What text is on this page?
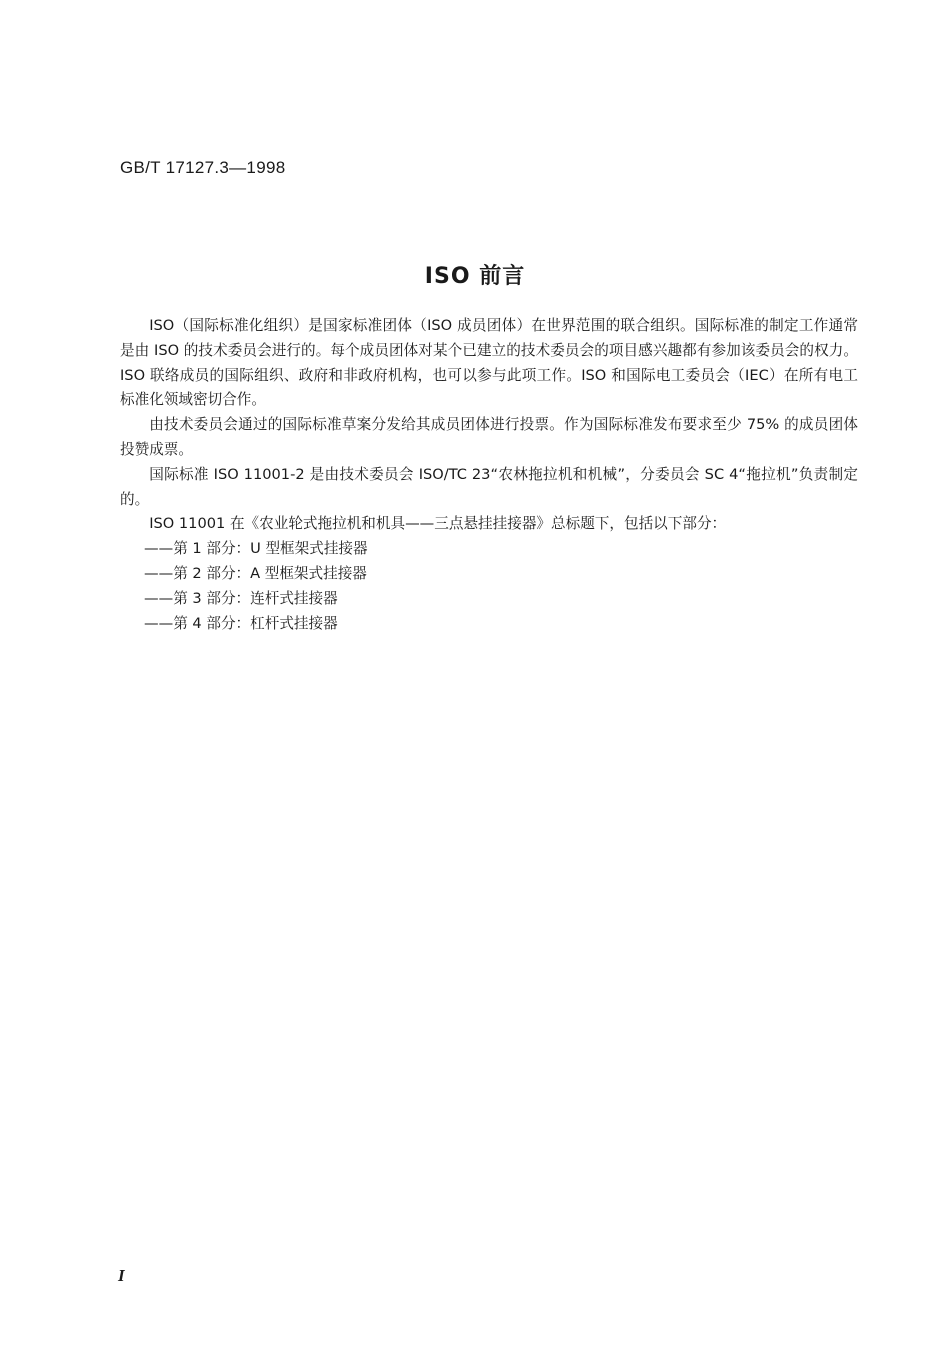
GB/T 17127.3—1998
ISO 前言

ISO（国际标准化组织）是国家标准团体（ISO 成员团体）在世界范围的联合组织。国际标准的制定工作通常是由 ISO 的技术委员会进行的。每个成员团体对某个已建立的技术委员会的项目感兴趣都有参加该委员会的权力。ISO 联络成员的国际组织、政府和非政府机构，也可以参与此项工作。ISO 和国际电工委员会（IEC）在所有电工标准化领域密切合作。

由技术委员会通过的国际标准草案分发给其成员团体进行投票。作为国际标准发布要求至少 75% 的成员团体投赞成票。

国际标准 ISO 11001-2 是由技术委员会 ISO/TC 23“农林拖拉机和机械”，分委员会 SC 4“拖拉机”负责制定的。

ISO 11001 在《农业轮式拖拉机和机具——三点悬挂挂接器》总标题下，包括以下部分：

——第 1 部分：U 型框架式挂接器
——第 2 部分：A 型框架式挂接器
——第 3 部分：连杆式挂接器
——第 4 部分：杠杆式挂接器
I
